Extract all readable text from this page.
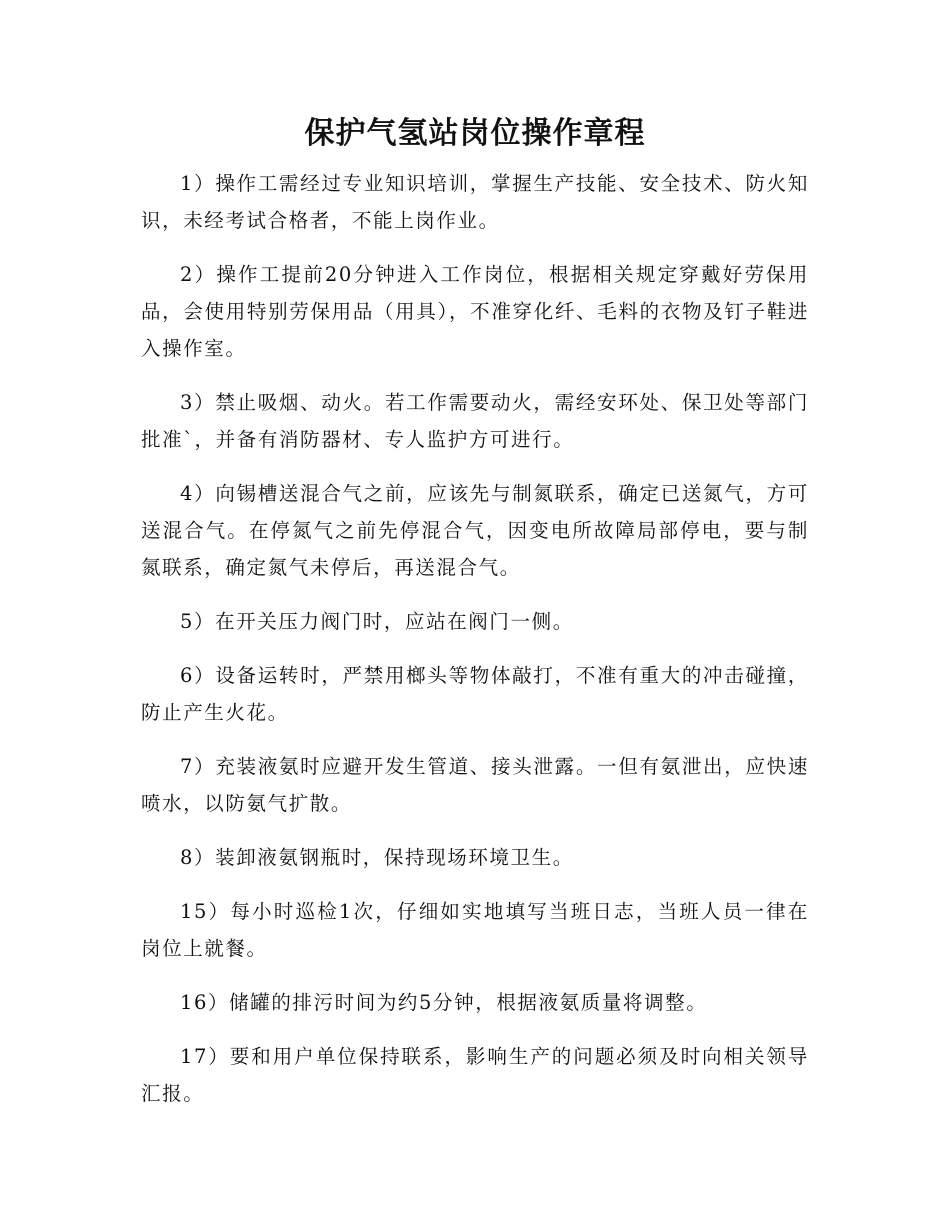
保护气氢站岗位操作章程

1）操作工需经过专业知识培训，掌握生产技能、安全技术、防火知识，未经考试合格者，不能上岗作业。

2）操作工提前20分钟进入工作岗位，根据相关规定穿戴好劳保用品，会使用特别劳保用品（用具），不准穿化纤、毛料的衣物及钉子鞋进入操作室。

3）禁止吸烟、动火。若工作需要动火，需经安环处、保卫处等部门批准`，并备有消防器材、专人监护方可进行。

4）向锡槽送混合气之前，应该先与制氮联系，确定已送氮气，方可送混合气。在停氮气之前先停混合气，因变电所故障局部停电，要与制氮联系，确定氮气未停后，再送混合气。

5）在开关压力阀门时，应站在阀门一侧。

6）设备运转时，严禁用榔头等物体敲打，不准有重大的冲击碰撞，防止产生火花。

7）充装液氨时应避开发生管道、接头泄露。一但有氨泄出，应快速喷水，以防氨气扩散。

8）装卸液氨钢瓶时，保持现场环境卫生。

15）每小时巡检1次，仔细如实地填写当班日志，当班人员一律在岗位上就餐。

16）储罐的排污时间为约5分钟，根据液氨质量将调整。

17）要和用户单位保持联系，影响生产的问题必须及时向相关领导汇报。
